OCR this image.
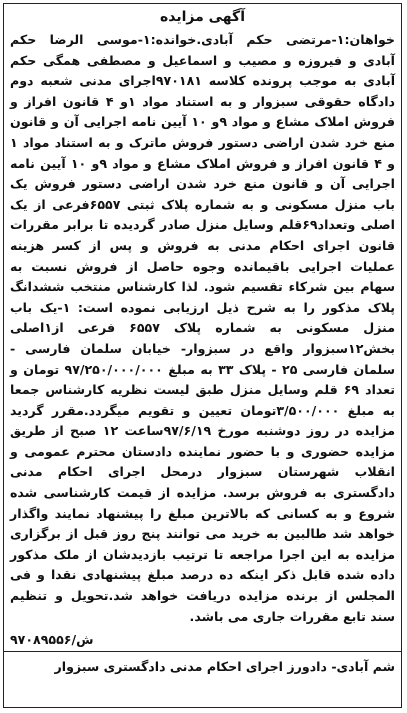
آگهی مزایده

خواهان:۱-مرتضی حکم آبادی.خوانده:۱-موسی الرضا حکم آبادی و فیروزه و مصیب و اسماعیل و مصطفی همگی حکم آبادی به موجب پرونده کلاسه ۹۷۰۱۸۱اجرای مدنی شعبه دوم دادگاه حقوقی سبزوار و به استناد مواد ۱و ۴ قانون افراز و فروش املاک مشاع و مواد ۹و ۱۰ آیین نامه اجرایی آن و قانون منع خرد شدن اراضی دستور فروش ماترک و به استناد مواد ۱ و ۴ قانون افراز و فروش املاک مشاع و مواد ۹و ۱۰ آیین نامه اجرایی آن و قانون منع خرد شدن اراضی دستور فروش یک باب منزل مسکونی و به شماره پلاک ثبتی ۶۵۵۷فرعی از یک اصلی وتعداد۶۹قلم وسایل منزل صادر گردیده تا برابر مقررات قانون اجرای احکام مدنی به فروش و پس از کسر هزینه عملیات اجرایی باقیمانده وجوه حاصل از فروش نسبت به سهام بین شرکاء تقسیم شود. لذا کارشناس منتخب ششدانگ پلاک مذکور را به شرح ذیل ارزیابی نموده است: ۱-یک باب منزل مسکونی به شماره پلاک ۶۵۵۷ فرعی از۱اصلی بخش۱۲سبزوار واقع در سبزوار- خیابان سلمان فارسی - سلمان فارسی ۲۵ - پلاک ۳۳ به مبلغ ۹۷/۲۵۰/۰۰۰/۰۰۰ تومان و تعداد ۶۹ قلم وسایل منزل طبق لیست نظریه کارشناس جمعا به مبلغ ۳/۵۰۰/۰۰۰تومان تعیین و تقویم میگردد.مقرر گردید مزایده در روز دوشنبه مورخ ۹۷/۶/۱۹ساعت ۱۲ صبح از طریق مزایده حضوری و با حضور نماینده دادستان محترم عمومی و انقلاب شهرستان سبزوار درمحل اجرای احکام مدنی دادگستری به فروش برسد. مزایده از قیمت کارشناسی شده شروع و به کسانی که بالاترین مبلغ را پیشنهاد نمایند واگذار خواهد شد طالبین به خرید می توانند پنج روز قبل از برگزاری مزایده به این اجرا مراجعه تا ترتیب بازدیدشان از ملک مذکور داده شده قابل ذکر اینکه ده درصد مبلغ پیشنهادی نقدا و فی المجلس از برنده مزایده دریافت خواهد شد.تحویل و تنظیم سند تابع مقررات جاری می باشد.

۹۷۰۸۹۵۵۶/ش
شم آبادی- دادورز اجرای احکام مدنی دادگستری سبزوار
